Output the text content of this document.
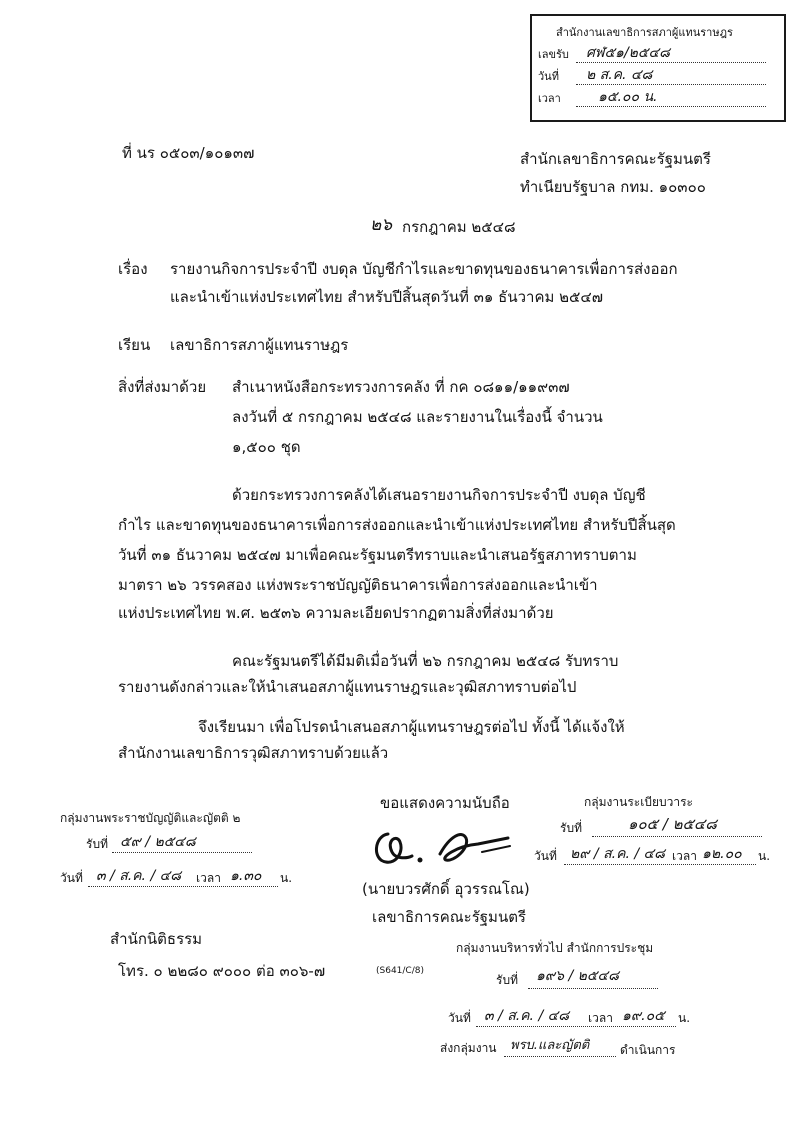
สำนักงานเลขาธิการสภาผู้แทนราษฎร
เลขรับ ศฬ๕๑/๒๕๔๘
วันที่ ๒ ส.ค. ๔๘
เวลา	๑๕.๐๐ น.
ที่ นร ๐๕๐๓/๑๐๑๓๗	สำนักเลขาธิการคณะรัฐมนตรี
ทำเนียบรัฐบาล กทม. ๑๐๓๐๐
๒๖ กรกฎาคม ๒๕๔๘
เรื่อง รายงานกิจการประจำปี งบดุล บัญชีกำไรและขาดทุนของธนาคารเพื่อการส่งออก
และนำเข้าแห่งประเทศไทย สำหรับปีสิ้นสุดวันที่ ๓๑ ธันวาคม ๒๕๔๗
เรียน เลขาธิการสภาผู้แทนราษฎร
สิ่งที่ส่งมาด้วย สำเนาหนังสือกระทรวงการคลัง ที่ กค ๐๘๑๑/๑๑๙๓๗
ลงวันที่ ๕ กรกฎาคม ๒๕๔๘ และรายงานในเรื่องนี้ จำนวน
๑,๕๐๐ ชุด
ด้วยกระทรวงการคลังได้เสนอรายงานกิจการประจำปี งบดุล บัญชี
กำไร และขาดทุนของธนาคารเพื่อการส่งออกและนำเข้าแห่งประเทศไทย สำหรับปีสิ้นสุด
วันที่ ๓๑ ธันวาคม ๒๕๔๗ มาเพื่อคณะรัฐมนตรีทราบและนำเสนอรัฐสภาทราบตาม
มาตรา ๒๖ วรรคสอง แห่งพระราชบัญญัติธนาคารเพื่อการส่งออกและนำเข้า
แห่งประเทศไทย พ.ศ. ๒๕๓๖ ความละเอียดปรากฏตามสิ่งที่ส่งมาด้วย
คณะรัฐมนตรีได้มีมติเมื่อวันที่ ๒๖ กรกฎาคม ๒๕๔๘ รับทราบ
รายงานดังกล่าวและให้นำเสนอสภาผู้แทนราษฎรและวุฒิสภาทราบต่อไป
จึงเรียนมา เพื่อโปรดนำเสนอสภาผู้แทนราษฎรต่อไป ทั้งนี้ ได้แจ้งให้
สำนักงานเลขาธิการวุฒิสภาทราบด้วยแล้ว
ขอแสดงความนับถือ
(นายบวรศักดิ์ อุวรรณโณ)
เลขาธิการคณะรัฐมนตรี
กลุ่มงานพระราชบัญญัติและญัตติ ๒
รับที่ ๕๙ / ๒๕๔๘
วันที่ ๓ / ส.ค. / ๔๘ เวลา ๑.๓๐ น.
กลุ่มงานระเบียบวาระ
รับที่	๑๐๕ / ๒๕๔๘
วันที่ ๒๙ / ส.ค. / ๔๘ เวลา ๑๒.๐๐ น.
สำนักนิติธรรม
โทร. ๐ ๒๒๘๐ ๙๐๐๐ ต่อ ๓๐๖-๗	(S641/C/8)
กลุ่มงานบริหารทั่วไป สำนักการประชุม
รับที่ ๑๙๖ / ๒๕๔๘
วันที่ ๓ / ส.ค. / ๔๘ เวลา ๑๙.๐๕ น.
ส่งกลุ่มงาน พรบ.และญัตติ	ดำเนินการ
